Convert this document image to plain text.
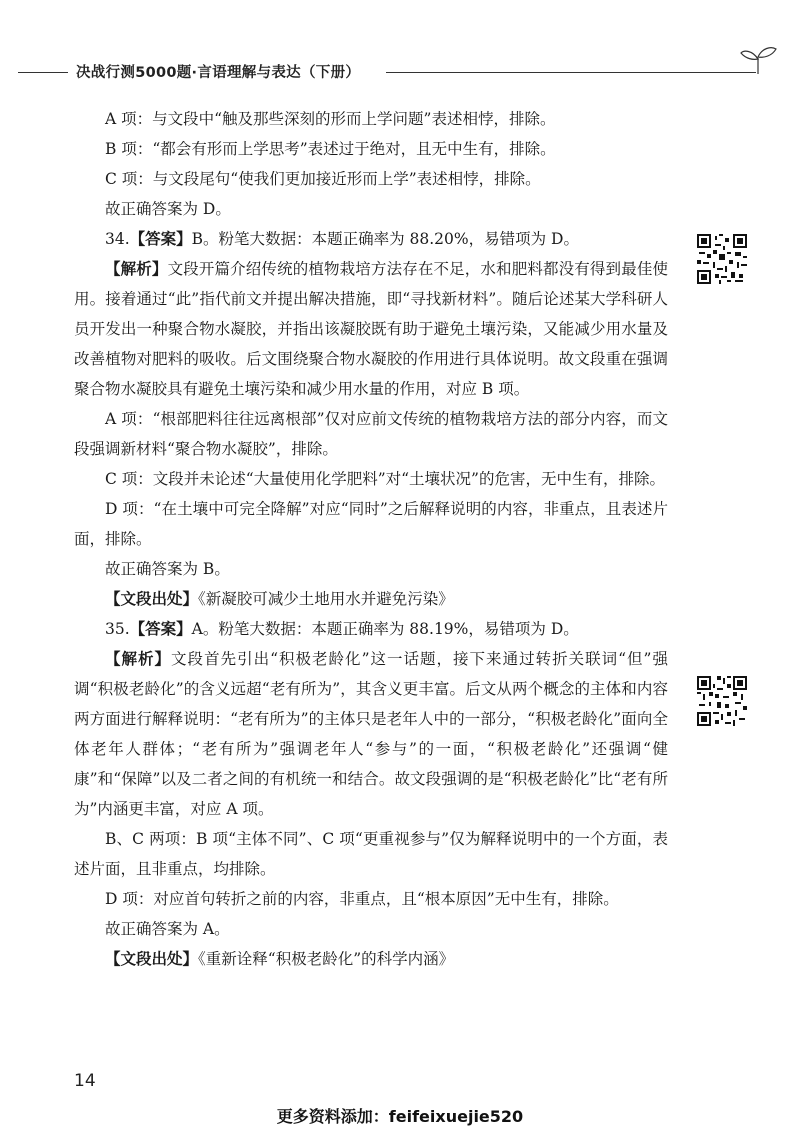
决战行测5000题·言语理解与表达（下册）

A 项：与文段中“触及那些深刻的形而上学问题”表述相悖，排除。

B 项：“都会有形而上学思考”表述过于绝对，且无中生有，排除。

C 项：与文段尾句“使我们更加接近形而上学”表述相悖，排除。

故正确答案为 D。

34.【答案】B。粉笔大数据：本题正确率为 88.20%，易错项为 D。

【解析】文段开篇介绍传统的植物栽培方法存在不足，水和肥料都没有得到最佳使用。接着通过“此”指代前文并提出解决措施，即“寻找新材料”。随后论述某大学科研人员开发出一种聚合物水凝胶，并指出该凝胶既有助于避免土壤污染，又能减少用水量及改善植物对肥料的吸收。后文围绕聚合物水凝胶的作用进行具体说明。故文段重在强调聚合物水凝胶具有避免土壤污染和减少用水量的作用，对应 B 项。

A 项：“根部肥料往往远离根部”仅对应前文传统的植物栽培方法的部分内容，而文段强调新材料“聚合物水凝胶”，排除。

C 项：文段并未论述“大量使用化学肥料”对“土壤状况”的危害，无中生有，排除。

D 项：“在土壤中可完全降解”对应“同时”之后解释说明的内容，非重点，且表述片面，排除。

故正确答案为 B。

【文段出处】《新凝胶可减少土地用水并避免污染》

35.【答案】A。粉笔大数据：本题正确率为 88.19%，易错项为 D。

【解析】文段首先引出“积极老龄化”这一话题，接下来通过转折关联词“但”强调“积极老龄化”的含义远超“老有所为”，其含义更丰富。后文从两个概念的主体和内容两方面进行解释说明：“老有所为”的主体只是老年人中的一部分，“积极老龄化”面向全体老年人群体；“老有所为”强调老年人“参与”的一面，“积极老龄化”还强调“健康”和“保障”以及二者之间的有机统一和结合。故文段强调的是“积极老龄化”比“老有所为”内涵更丰富，对应 A 项。

B、C 两项：B 项“主体不同”、C 项“更重视参与”仅为解释说明中的一个方面，表述片面，且非重点，均排除。

D 项：对应首句转折之前的内容，非重点，且“根本原因”无中生有，排除。

故正确答案为 A。

【文段出处】《重新诠释“积极老龄化”的科学内涵》

14
更多资料添加：feifeixuejie520
